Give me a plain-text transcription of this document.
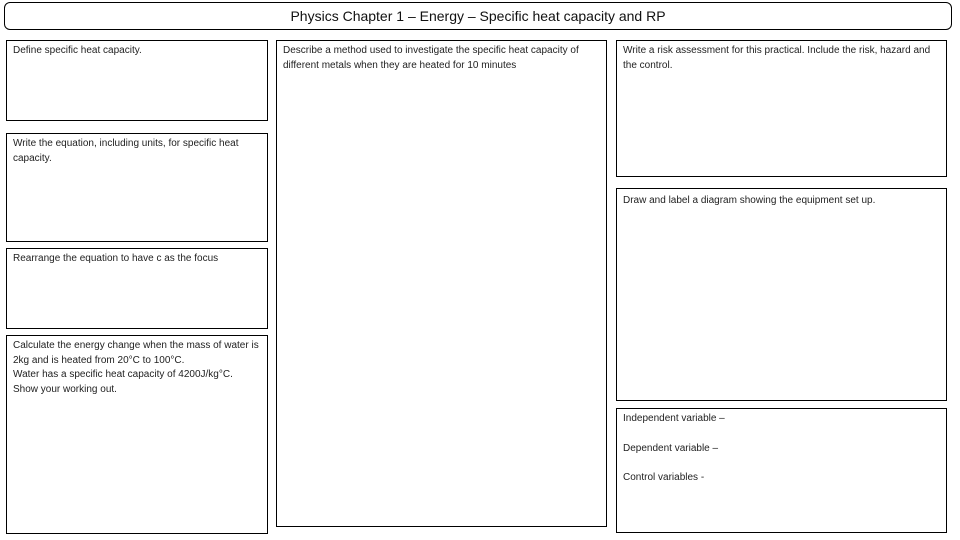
Physics Chapter 1 – Energy – Specific heat capacity and RP

Define specific heat capacity.

Write the equation, including units, for specific heat capacity.

Rearrange the equation to have c as the focus

Calculate the energy change when the mass of water is 2kg and is heated from 20°C to 100°C.

Water has a specific heat capacity of 4200J/kg°C.

Show your working out.

Describe a method used to investigate the specific heat capacity of different metals when they are heated for 10 minutes

Write a risk assessment for this practical. Include the risk, hazard and the control.

Draw and label a diagram showing the equipment set up.

Independent variable –

Dependent variable –

Control variables -
